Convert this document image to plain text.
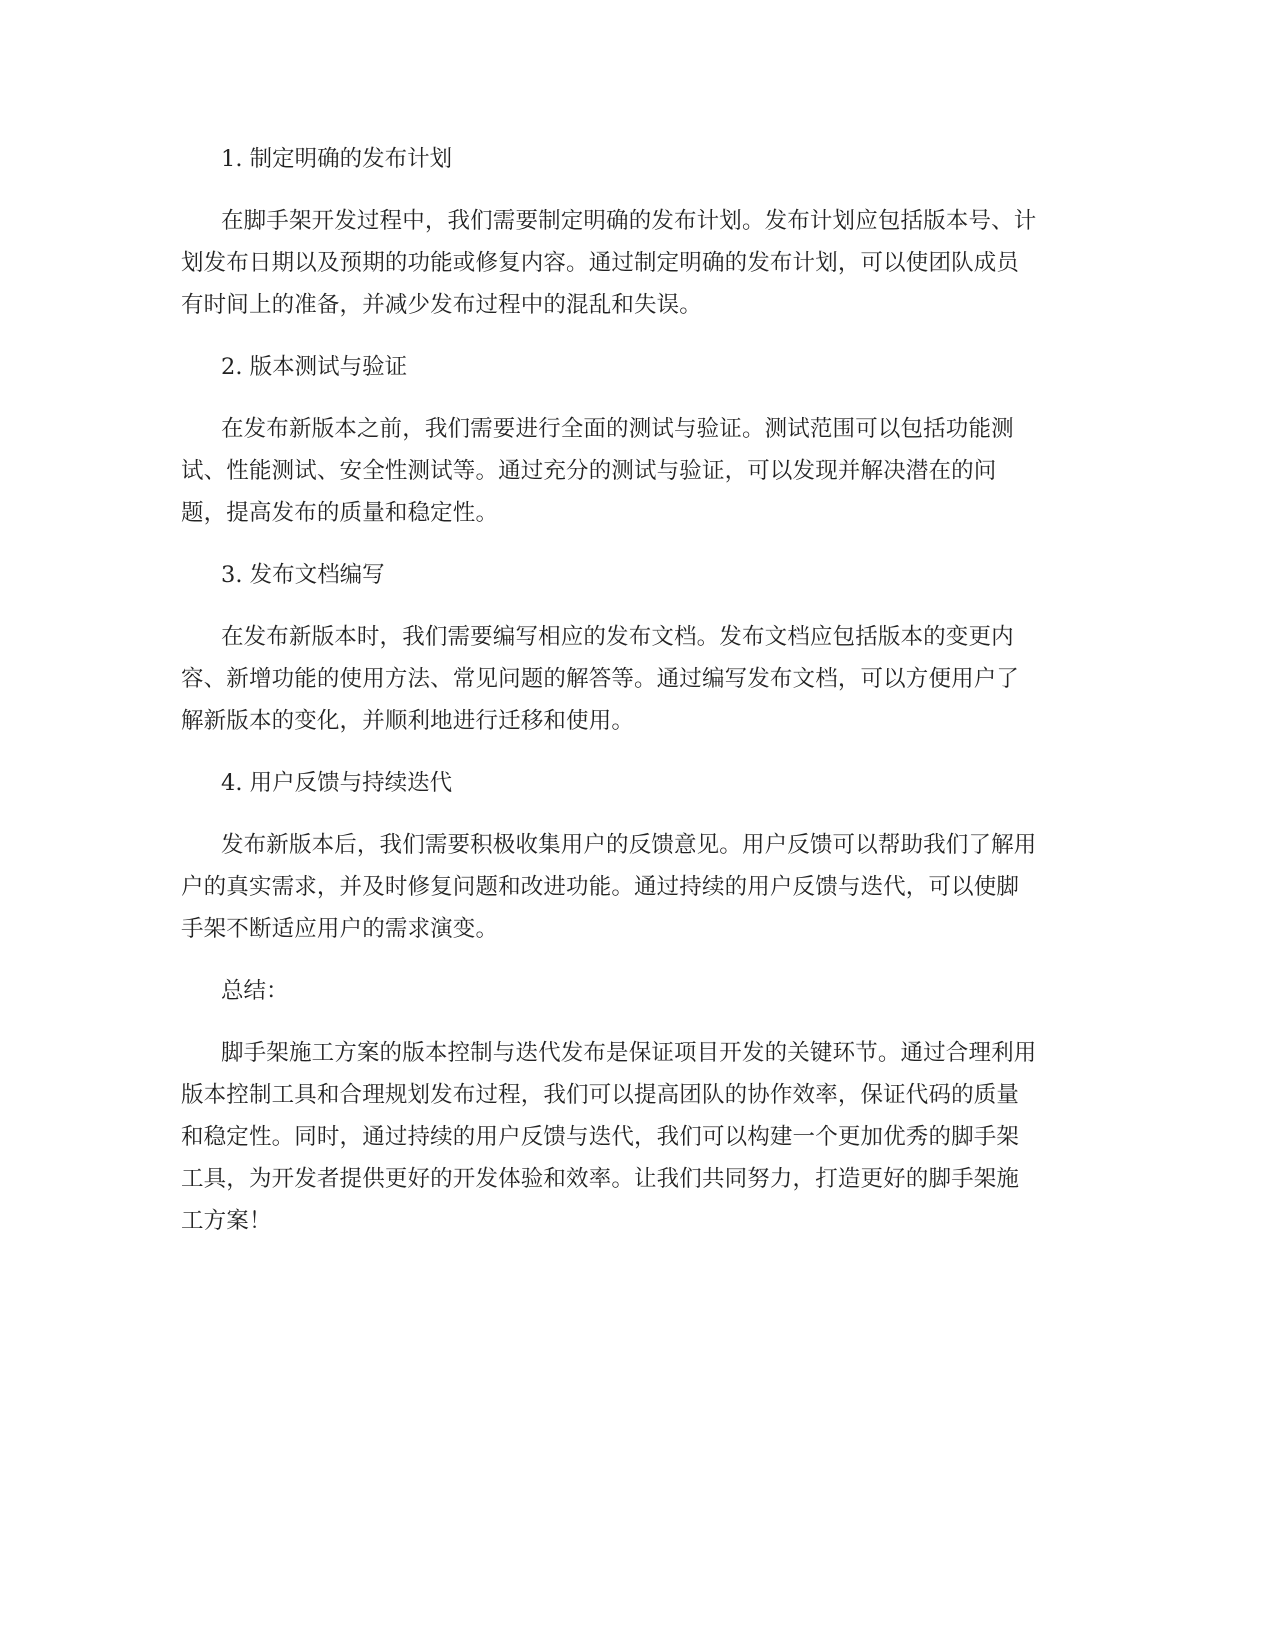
1. 制定明确的发布计划

在脚手架开发过程中，我们需要制定明确的发布计划。发布计划应包括版本号、计划发布日期以及预期的功能或修复内容。通过制定明确的发布计划，可以使团队成员有时间上的准备，并减少发布过程中的混乱和失误。

2. 版本测试与验证

在发布新版本之前，我们需要进行全面的测试与验证。测试范围可以包括功能测试、性能测试、安全性测试等。通过充分的测试与验证，可以发现并解决潜在的问题，提高发布的质量和稳定性。

3. 发布文档编写

在发布新版本时，我们需要编写相应的发布文档。发布文档应包括版本的变更内容、新增功能的使用方法、常见问题的解答等。通过编写发布文档，可以方便用户了解新版本的变化，并顺利地进行迁移和使用。

4. 用户反馈与持续迭代

发布新版本后，我们需要积极收集用户的反馈意见。用户反馈可以帮助我们了解用户的真实需求，并及时修复问题和改进功能。通过持续的用户反馈与迭代，可以使脚手架不断适应用户的需求演变。

总结：

脚手架施工方案的版本控制与迭代发布是保证项目开发的关键环节。通过合理利用版本控制工具和合理规划发布过程，我们可以提高团队的协作效率，保证代码的质量和稳定性。同时，通过持续的用户反馈与迭代，我们可以构建一个更加优秀的脚手架工具，为开发者提供更好的开发体验和效率。让我们共同努力，打造更好的脚手架施工方案！
